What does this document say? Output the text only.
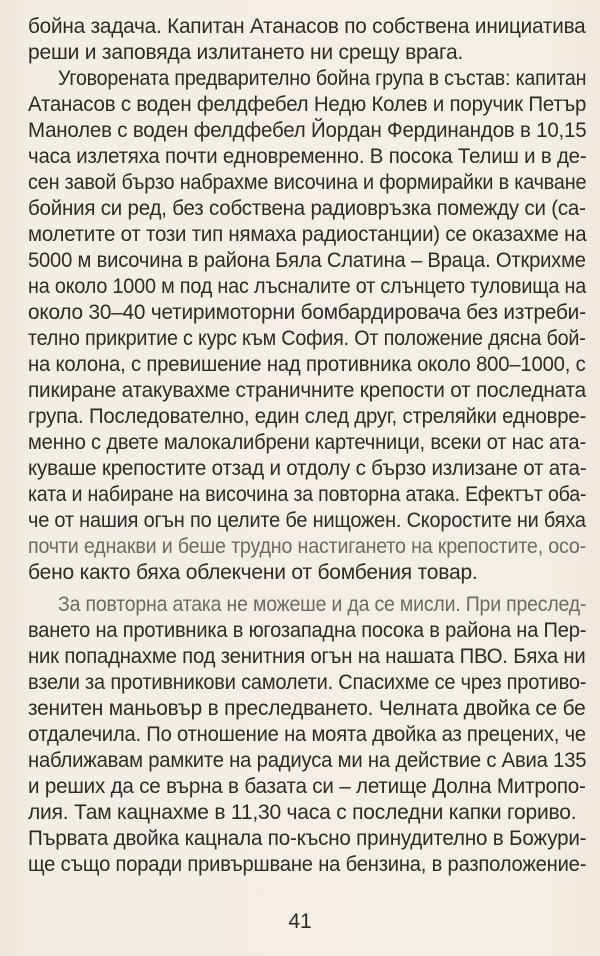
бойна задача. Капитан Атанасов по собствена инициатива
реши и заповяда излитането ни срещу врага.
Уговорената предварително бойна група в състав: капитан
Атанасов с воден фелдфебел Недю Колев и поручик Петър
Манолев с воден фелдфебел Йордан Фердинандов в 10,15
часа излетяха почти едновременно. В посока Телиш и в де-
сен завой бързо набрахме височина и формирайки в качване
бойния си ред, без собствена радиовръзка помежду си (са-
молетите от този тип нямаха радиостанции) се оказахме на
5000 м височина в района Бяла Слатина – Враца. Открихме
на около 1000 м под нас лъсналите от слънцето туловища на
около 30–40 четиримоторни бомбардировача без изтреби-
телно прикритие с курс към София. От положение дясна бой-
на колона, с превишение над противника около 800–1000, с
пикиране атакувахме страничните крепости от последната
група. Последователно, един след друг, стреляйки едновре-
менно с двете малокалибрени картечници, всеки от нас ата-
куваше крепостите отзад и отдолу с бързо излизане от ата-
ката и набиране на височина за повторна атака. Ефектът оба-
че от нашия огън по целите бе нищожен. Скоростите ни бяха
почти еднакви и беше трудно настигането на крепостите, осо-
бено както бяха облекчени от бомбения товар.
За повторна атака не можеше и да се мисли. При преслед-
ването на противника в югозападна посока в района на Пер-
ник попаднахме под зенитния огън на нашата ПВО. Бяха ни
взели за противникови самолети. Спасихме се чрез противо-
зенитен маньовър в преследването. Челната двойка се бе
отдалечила. По отношение на моята двойка аз прецених, че
наближавам рамките на радиуса ми на действие с Авиа 135
и реших да се върна в базата си – летище Долна Митропо-
лия. Там кацнахме в 11,30 часа с последни капки гориво.
Първата двойка кацнала по-късно принудително в Божури-
ще също поради привършване на бензина, в разположение-
41
